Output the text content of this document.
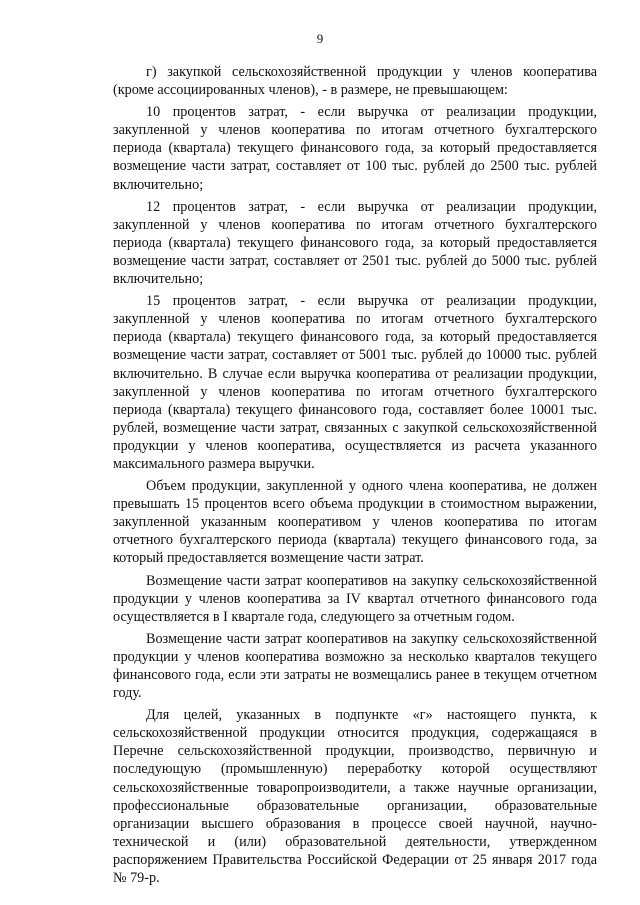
9

г) закупкой сельскохозяйственной продукции у членов кооператива (кроме ассоциированных членов), - в размере, не превышающем:

10 процентов затрат, - если выручка от реализации продукции, закупленной у членов кооператива по итогам отчетного бухгалтерского периода (квартала) текущего финансового года, за который предоставляется возмещение части затрат, составляет от 100 тыс. рублей до 2500 тыс. рублей включительно;

12 процентов затрат, - если выручка от реализации продукции, закупленной у членов кооператива по итогам отчетного бухгалтерского периода (квартала) текущего финансового года, за который предоставляется возмещение части затрат, составляет от 2501 тыс. рублей до 5000 тыс. рублей включительно;

15 процентов затрат, - если выручка от реализации продукции, закупленной у членов кооператива по итогам отчетного бухгалтерского периода (квартала) текущего финансового года, за который предоставляется возмещение части затрат, составляет от 5001 тыс. рублей до 10000 тыс. рублей включительно. В случае если выручка кооператива от реализации продукции, закупленной у членов кооператива по итогам отчетного бухгалтерского периода (квартала) текущего финансового года, составляет более 10001 тыс. рублей, возмещение части затрат, связанных с закупкой сельскохозяйственной продукции у членов кооператива, осуществляется из расчета указанного максимального размера выручки.

Объем продукции, закупленной у одного члена кооператива, не должен превышать 15 процентов всего объема продукции в стоимостном выражении, закупленной указанным кооперативом у членов кооператива по итогам отчетного бухгалтерского периода (квартала) текущего финансового года, за который предоставляется возмещение части затрат.

Возмещение части затрат кооперативов на закупку сельскохозяйственной продукции у членов кооператива за IV квартал отчетного финансового года осуществляется в I квартале года, следующего за отчетным годом.

Возмещение части затрат кооперативов на закупку сельскохозяйственной продукции у членов кооператива возможно за несколько кварталов текущего финансового года, если эти затраты не возмещались ранее в текущем отчетном году.

Для целей, указанных в подпункте «г» настоящего пункта, к сельскохозяйственной продукции относится продукция, содержащаяся в Перечне сельскохозяйственной продукции, производство, первичную и последующую (промышленную) переработку которой осуществляют сельскохозяйственные товаропроизводители, а также научные организации, профессиональные образовательные организации, образовательные организации высшего образования в процессе своей научной, научно-технической и (или) образовательной деятельности, утвержденном распоряжением Правительства Российской Федерации от 25 января 2017 года № 79-р.
